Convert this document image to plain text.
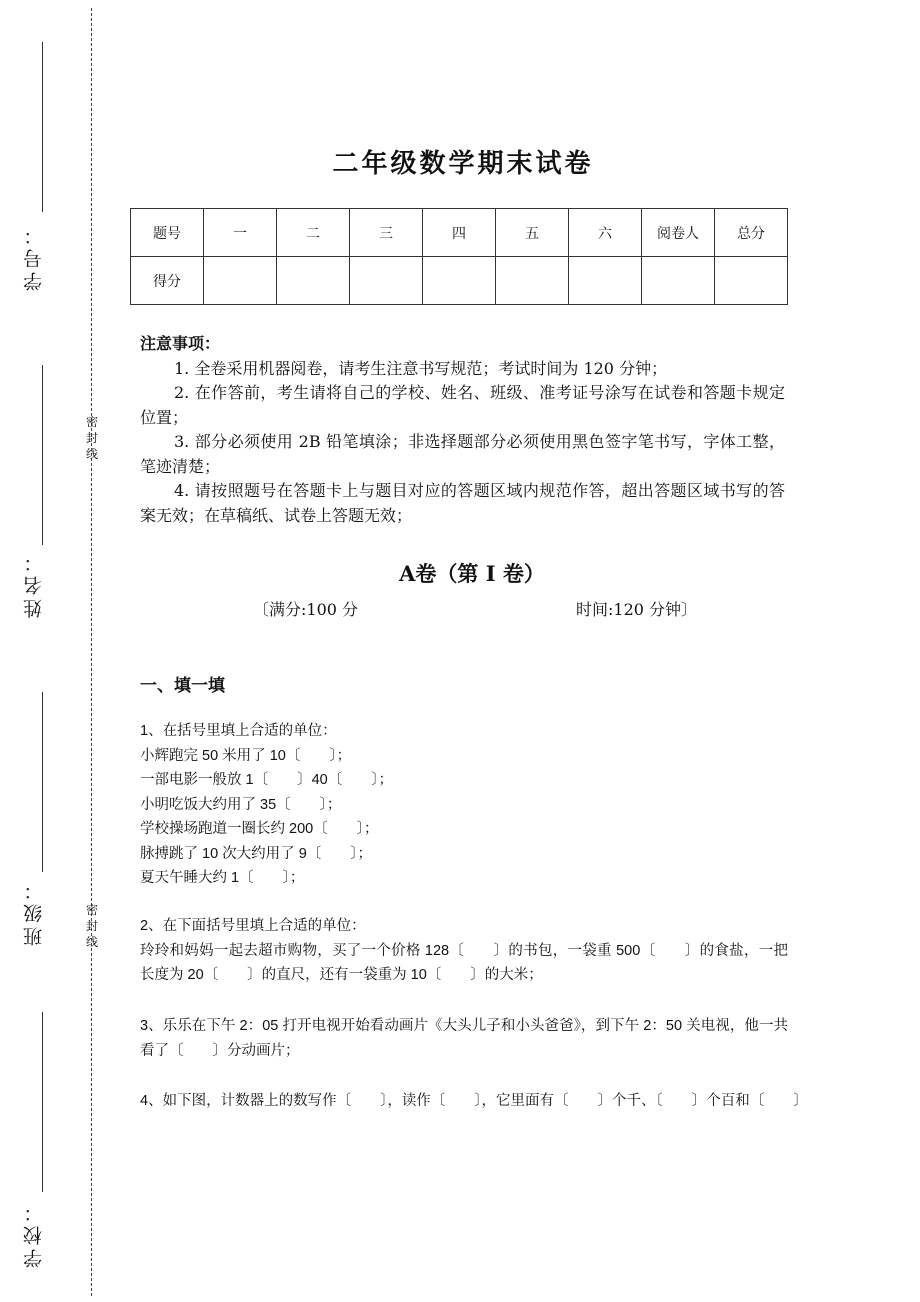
学号：
姓名：
班级：
学校：
密封线
密封线
二年级数学期末试卷
题号	一	二	三	四	五	六	阅卷人	总分
得分								
注意事项：

1. 全卷采用机器阅卷，请考生注意书写规范；考试时间为 120 分钟；

2. 在作答前，考生请将自己的学校、姓名、班级、准考证号涂写在试卷和答题卡规定位置；

3. 部分必须使用 2B 铅笔填涂；非选择题部分必须使用黑色签字笔书写，字体工整，笔迹清楚；

4. 请按照题号在答题卡上与题目对应的答题区域内规范作答，超出答题区域书写的答案无效；在草稿纸、试卷上答题无效；

A卷（第 I 卷）
〔满分:100 分	时间:120 分钟〕
一、填一填
1、在括号里填上合适的单位：
小辉跑完 50 米用了 10〔　　〕；
一部电影一般放 1〔　　〕40〔　　〕；
小明吃饭大约用了 35〔　　〕；
学校操场跑道一圈长约 200〔　　〕；
脉搏跳了 10 次大约用了 9〔　　〕；
夏天午睡大约 1〔　　〕；
2、在下面括号里填上合适的单位：
玲玲和妈妈一起去超市购物，买了一个价格 128〔　　〕的书包，一袋重 500〔　　〕的食盐，一把长度为 20〔　　〕的直尺，还有一袋重为 10〔　　〕的大米；
3、乐乐在下午 2：05 打开电视开始看动画片《大头儿子和小头爸爸》，到下午 2：50 关电视，他一共看了〔　　〕分动画片；
4、如下图，计数器上的数写作〔　　〕，读作〔　　〕，它里面有〔　　〕个千、〔　　〕个百和〔　　〕
